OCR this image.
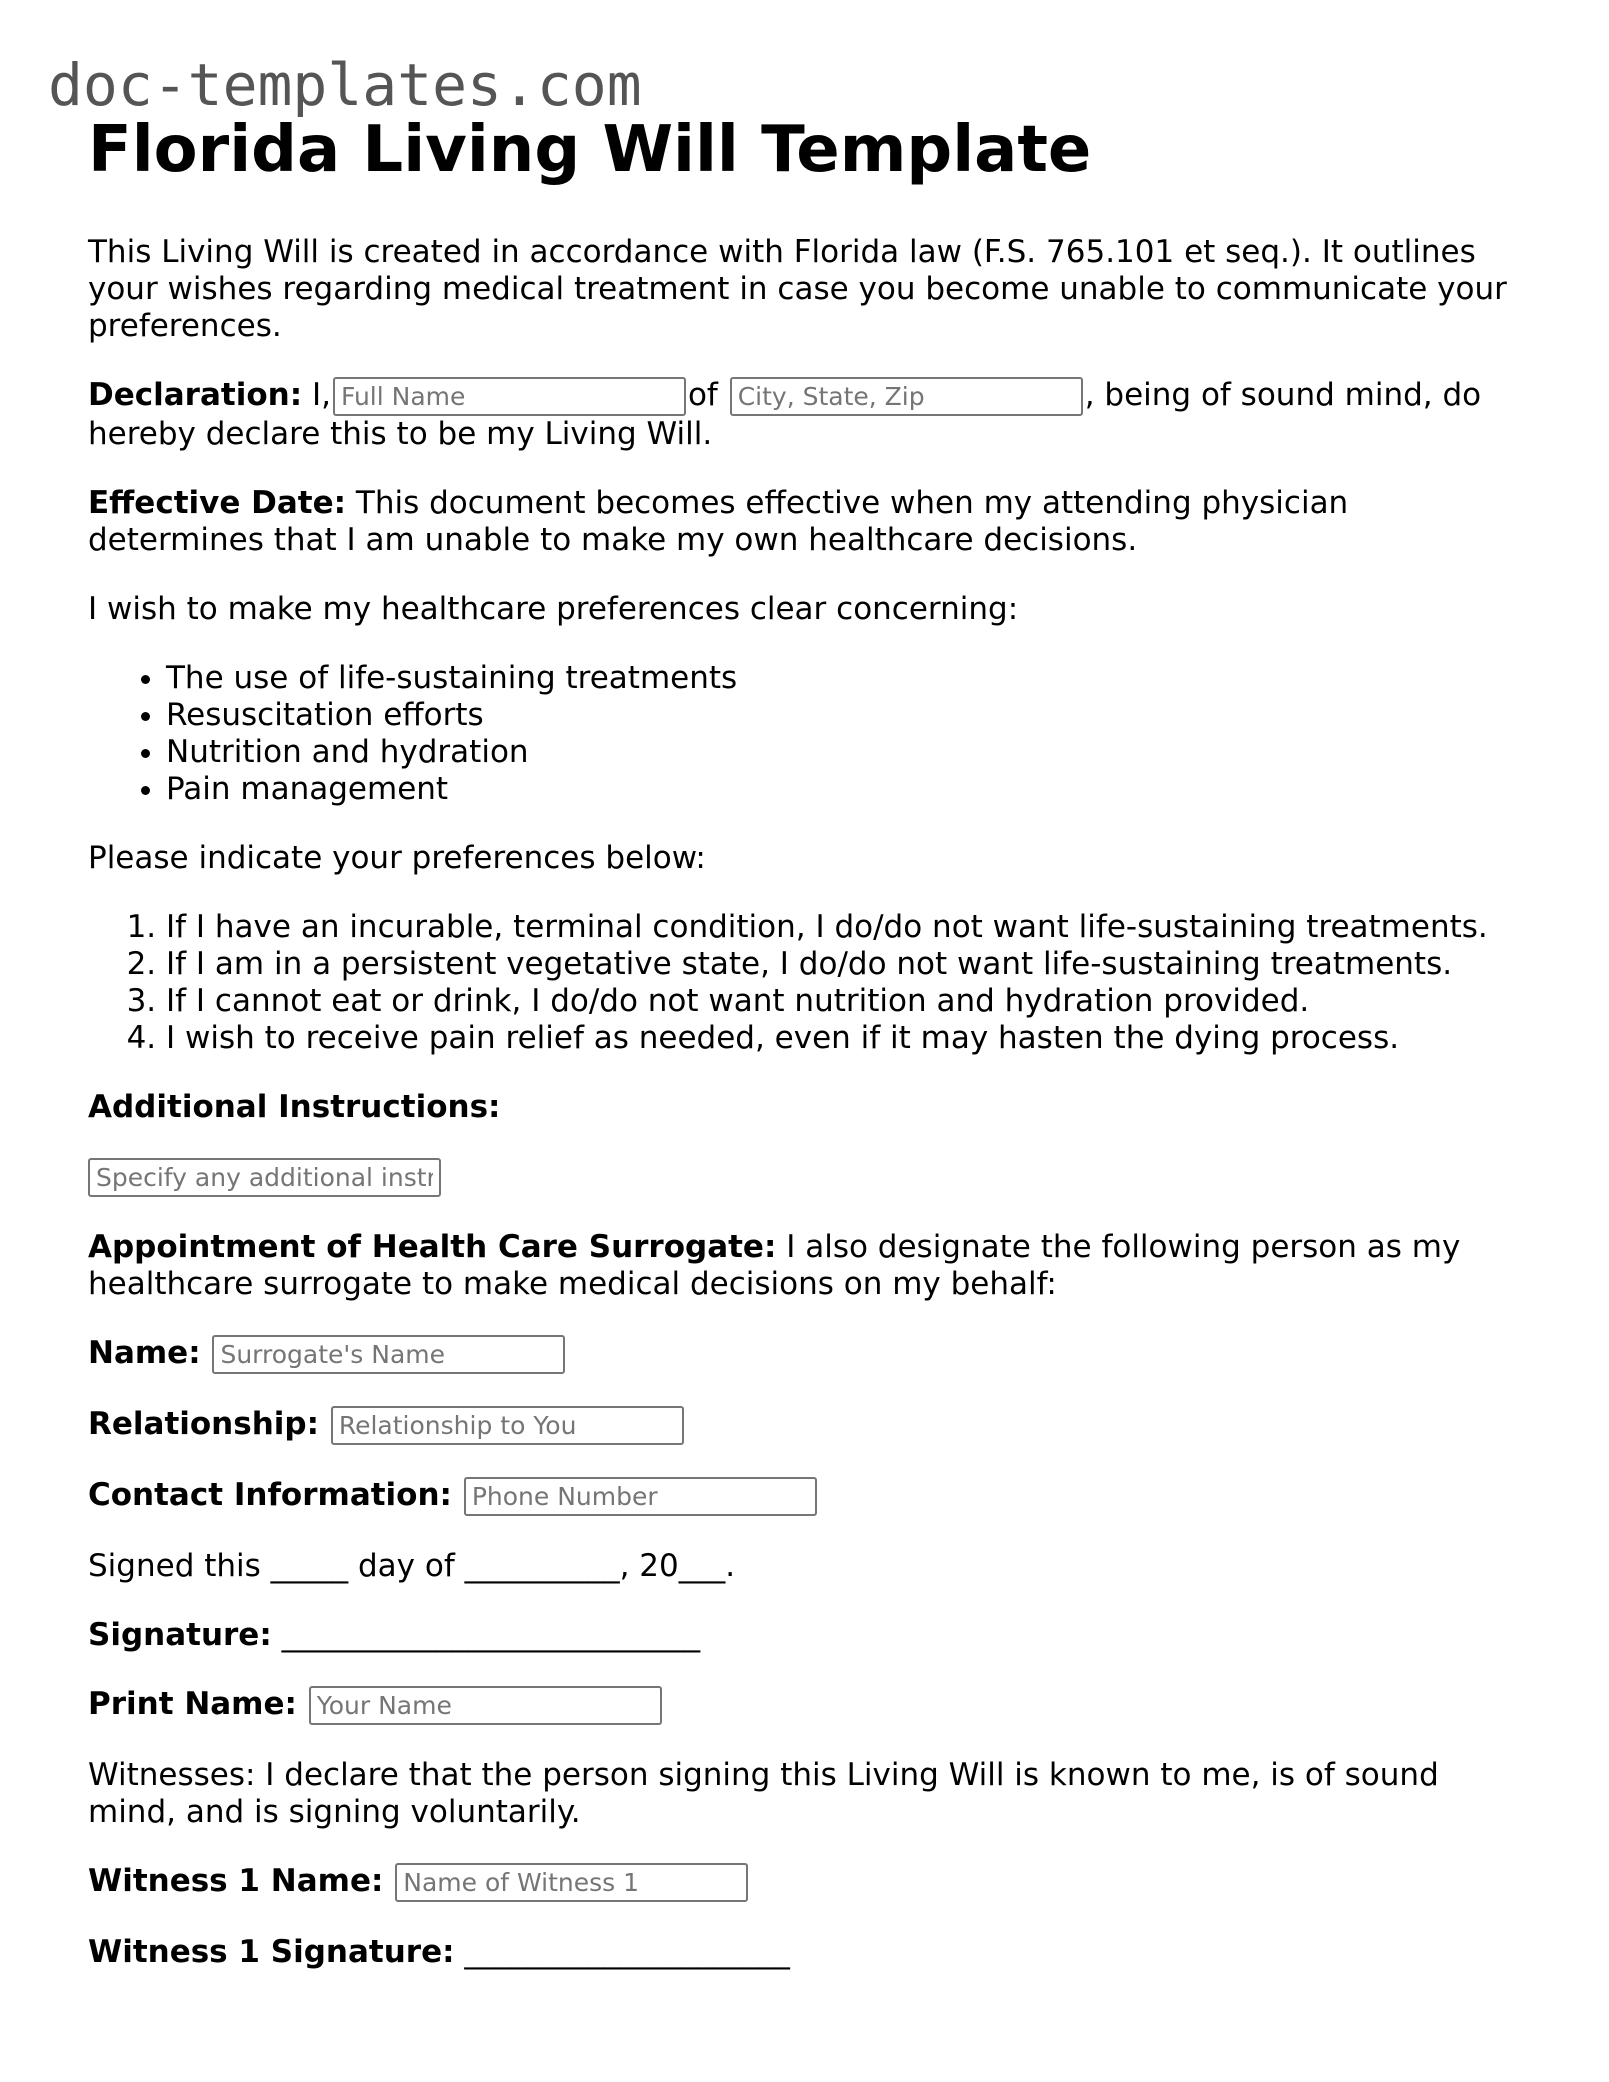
doc-templates.com
Florida Living Will Template

This Living Will is created in accordance with Florida law (F.S. 765.101 et seq.). It outlines your wishes regarding medical treatment in case you become unable to communicate your preferences.

Declaration: I,Full Name	of City, State, Zip	, being of sound mind, do hereby declare this to be my Living Will.

Effective Date: This document becomes effective when my attending physician determines that I am unable to make my own healthcare decisions.

I wish to make my healthcare preferences clear concerning:

• The use of life-sustaining treatments
• Resuscitation efforts
• Nutrition and hydration
• Pain management

Please indicate your preferences below:

1. If I have an incurable, terminal condition, I do/do not want life-sustaining treatments.
2. If I am in a persistent vegetative state, I do/do not want life-sustaining treatments.
3. If I cannot eat or drink, I do/do not want nutrition and hydration provided.
4. I wish to receive pain relief as needed, even if it may hasten the dying process.

Additional Instructions:

Specify any additional instructions

Appointment of Health Care Surrogate: I also designate the following person as my healthcare surrogate to make medical decisions on my behalf:

Name: Surrogate's Name

Relationship: Relationship to You

Contact Information: Phone Number

Signed this _____ day of __________, 20___.

Signature: ___________________________

Print Name: Your Name

Witnesses: I declare that the person signing this Living Will is known to me, is of sound mind, and is signing voluntarily.

Witness 1 Name: Name of Witness 1

Witness 1 Signature: _____________________
